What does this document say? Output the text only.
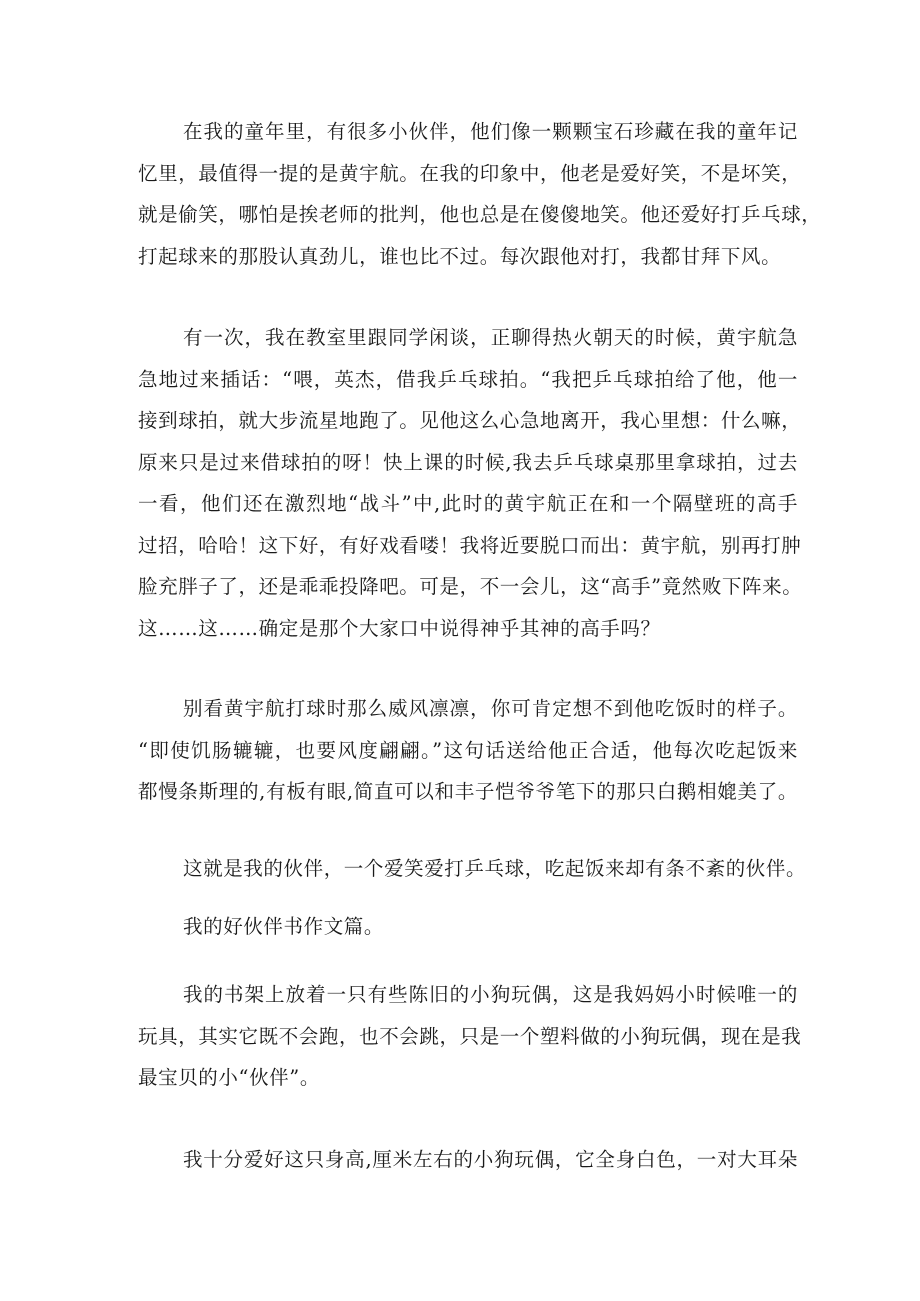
在我的童年里，有很多小伙伴，他们像一颗颗宝石珍藏在我的童年记
忆里，最值得一提的是黄宇航。在我的印象中，他老是爱好笑，不是坏笑，
就是偷笑，哪怕是挨老师的批判，他也总是在傻傻地笑。他还爱好打乒乓球，
打起球来的那股认真劲儿，谁也比不过。每次跟他对打，我都甘拜下风。
有一次，我在教室里跟同学闲谈，正聊得热火朝天的时候，黄宇航急
急地过来插话：“喂，英杰，借我乒乓球拍。“我把乒乓球拍给了他，他一
接到球拍，就大步流星地跑了。见他这么心急地离开，我心里想：什么嘛，
原来只是过来借球拍的呀！快上课的时候,我去乒乓球桌那里拿球拍，过去
一看，他们还在激烈地“战斗”中,此时的黄宇航正在和一个隔壁班的高手
过招，哈哈！这下好，有好戏看喽！我将近要脱口而出：黄宇航，别再打肿
脸充胖子了，还是乖乖投降吧。可是，不一会儿，这“高手”竟然败下阵来。
这……这……确定是那个大家口中说得神乎其神的高手吗？
别看黄宇航打球时那么威风凛凛，你可肯定想不到他吃饭时的样子。
“即使饥肠辘辘，也要风度翩翩。”这句话送给他正合适，他每次吃起饭来
都慢条斯理的,有板有眼,简直可以和丰子恺爷爷笔下的那只白鹅相媲美了。
这就是我的伙伴，一个爱笑爱打乒乓球，吃起饭来却有条不紊的伙伴。
我的好伙伴书作文篇。
我的书架上放着一只有些陈旧的小狗玩偶，这是我妈妈小时候唯一的
玩具，其实它既不会跑，也不会跳，只是一个塑料做的小狗玩偶，现在是我
最宝贝的小“伙伴”。
我十分爱好这只身高,厘米左右的小狗玩偶，它全身白色，一对大耳朵
